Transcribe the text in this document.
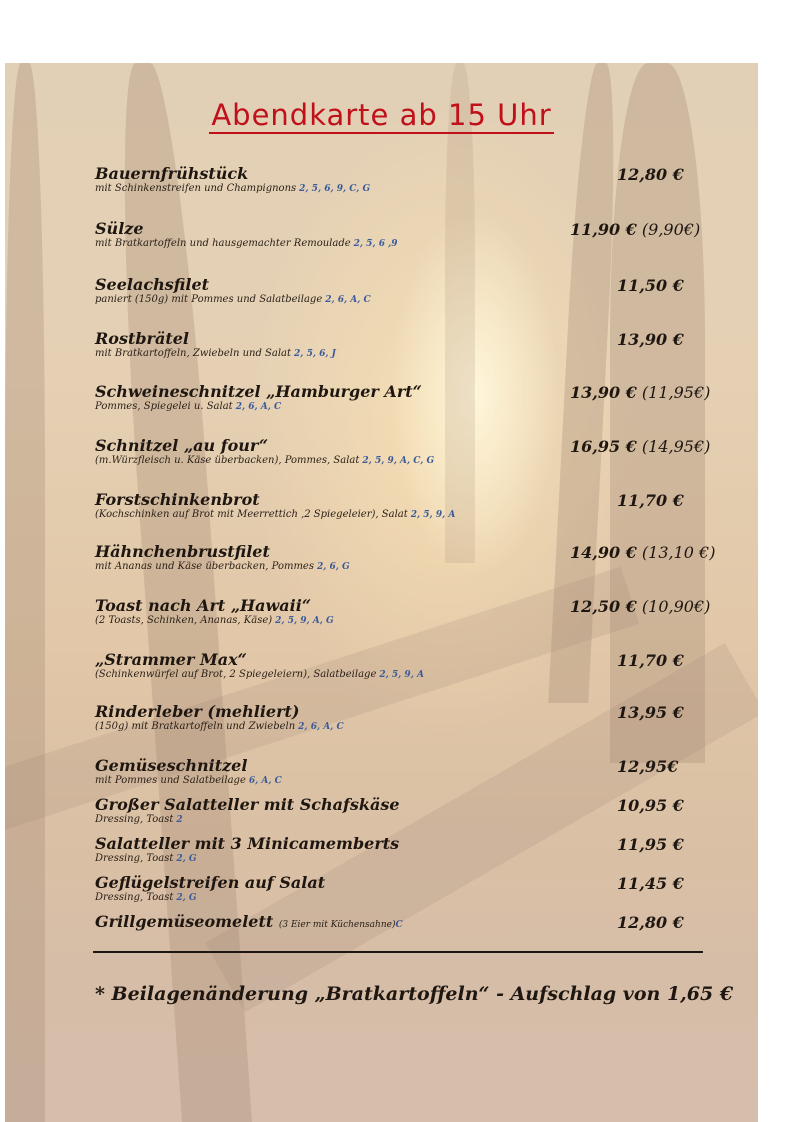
Abendkarte ab 15 Uhr
Bauernfrühstück
mit Schinkenstreifen und Champignons 2, 5, 6, 9, C, G
12,80 €
Sülze
mit Bratkartoffeln und hausgemachter Remoulade 2, 5, 6 ,9
11,90 € (9,90€)
Seelachsfilet
paniert (150g) mit Pommes und Salatbeilage 2, 6, A, C
11,50 €
Rostbrätel
mit Bratkartoffeln, Zwiebeln und Salat 2, 5, 6, J
13,90 €
Schweineschnitzel „Hamburger Art“
Pommes, Spiegelei u. Salat 2, 6, A, C
13,90 € (11,95€)
Schnitzel „au four“
(m.Würzfleisch u. Käse überbacken), Pommes, Salat 2, 5, 9, A, C, G
16,95 € (14,95€)
Forstschinkenbrot
(Kochschinken auf Brot mit Meerrettich ,2 Spiegeleier), Salat 2, 5, 9, A
11,70 €
Hähnchenbrustfilet
mit Ananas und Käse überbacken, Pommes 2, 6, G
14,90 € (13,10 €)
Toast nach Art „Hawaii“
(2 Toasts, Schinken, Ananas, Käse) 2, 5, 9, A, G
12,50 € (10,90€)
„Strammer Max“
(Schinkenwürfel auf Brot, 2 Spiegeleiern), Salatbeilage 2, 5, 9, A
11,70 €
Rinderleber (mehliert)
(150g) mit Bratkartoffeln und Zwiebeln 2, 6, A, C
13,95 €
Gemüseschnitzel
mit Pommes und Salatbeilage 6, A, C
12,95€
Großer Salatteller mit Schafskäse
Dressing, Toast 2
10,95 €
Salatteller mit 3 Minicamemberts
Dressing, Toast 2, G
11,95 €
Geflügelstreifen auf Salat
Dressing, Toast 2, G
11,45 €
Grillgemüseomelett (3 Eier mit Küchensahne)C	12,80 €
* Beilagenänderung „Bratkartoffeln“ - Aufschlag von 1,65 €
